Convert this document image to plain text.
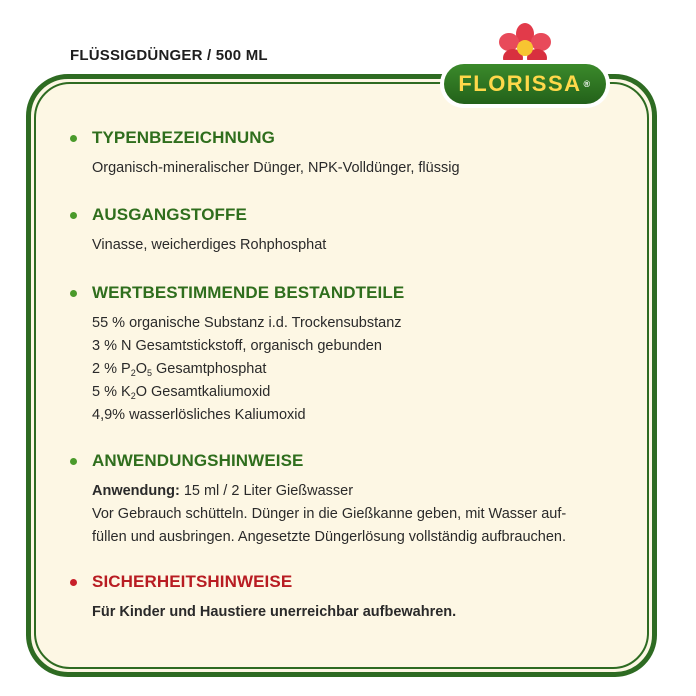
FLÜSSIGDÜNGER / 500 ML
FLORISSA ®
TYPENBEZEICHNUNG
Organisch-mineralischer Dünger, NPK-Volldünger, flüssig
AUSGANGSTOFFE
Vinasse, weicherdiges Rohphosphat
WERTBESTIMMENDE BESTANDTEILE
55 % organische Substanz i.d. Trockensubstanz
3 % N Gesamtstickstoff, organisch gebunden
2 % $P_2O_5$ Gesamtphosphat
5 % $K_2O$ Gesamtkaliumoxid
4,9% wasserlösliches Kaliumoxid
ANWENDUNGSHINWEISE
Anwendung: 15 ml / 2 Liter Gießwasser
Vor Gebrauch schütteln. Dünger in die Gießkanne geben, mit Wasser auf-
füllen und ausbringen. Angesetzte Düngerlösung vollständig aufbrauchen.
SICHERHEITSHINWEISE
Für Kinder und Haustiere unerreichbar aufbewahren.
